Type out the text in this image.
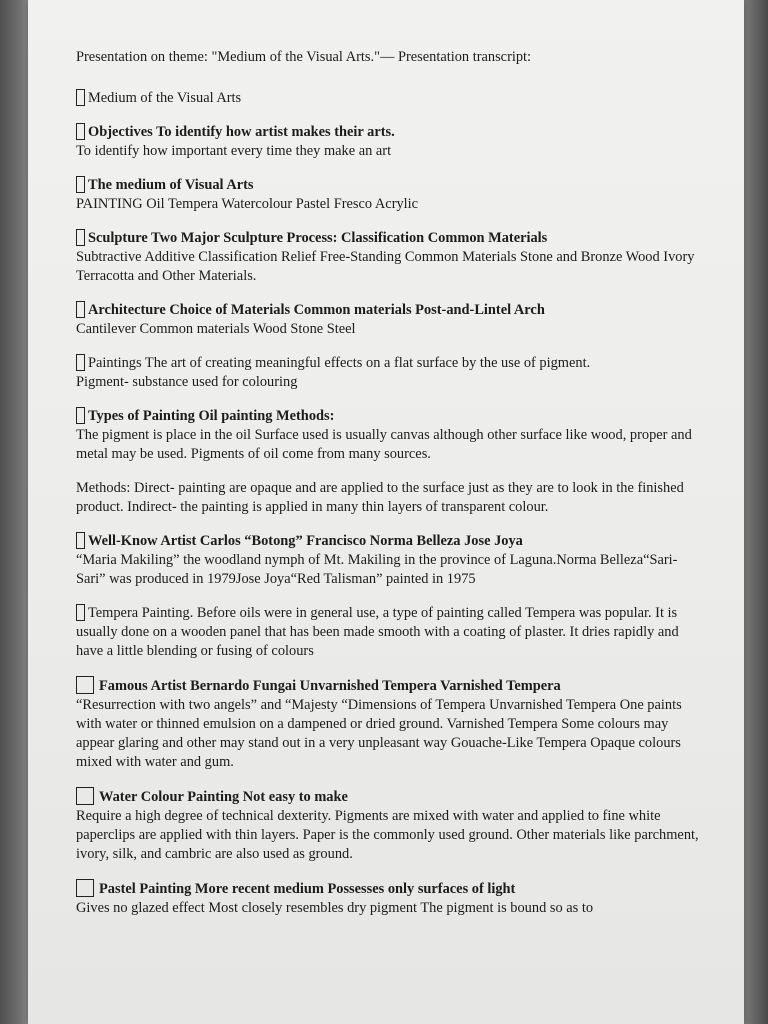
Presentation on theme: "Medium of the Visual Arts."— Presentation transcript:

Medium of the Visual Arts
Objectives To identify how artist makes their arts.
To identify how important every time they make an art
The medium of Visual Arts
PAINTING Oil Tempera Watercolour Pastel Fresco Acrylic
Sculpture Two Major Sculpture Process: Classification Common Materials
Subtractive Additive Classification Relief Free-Standing Common Materials Stone and Bronze Wood Ivory Terracotta and Other Materials.
Architecture Choice of Materials Common materials Post-and-Lintel Arch
Cantilever Common materials Wood Stone Steel
Paintings The art of creating meaningful effects on a flat surface by the use of pigment.
Pigment- substance used for colouring
Types of Painting Oil painting Methods:
The pigment is place in the oil Surface used is usually canvas although other surface like wood, proper and metal may be used. Pigments of oil come from many sources.
Methods: Direct- painting are opaque and are applied to the surface just as they are to look in the finished product. Indirect- the painting is applied in many thin layers of transparent colour.
Well-Know Artist Carlos “Botong” Francisco Norma Belleza Jose Joya
“Maria Makiling” the woodland nymph of Mt. Makiling in the province of Laguna.Norma Belleza“Sari-Sari” was produced in 1979Jose Joya“Red Talisman” painted in 1975
Tempera Painting. Before oils were in general use, a type of painting called Tempera was popular. It is usually done on a wooden panel that has been made smooth with a coating of plaster. It dries rapidly and have a little blending or fusing of colours
Famous Artist Bernardo Fungai Unvarnished Tempera Varnished Tempera
“Resurrection with two angels” and “Majesty “Dimensions of Tempera Unvarnished Tempera One paints with water or thinned emulsion on a dampened or dried ground. Varnished Tempera Some colours may appear glaring and other may stand out in a very unpleasant way Gouache-Like Tempera Opaque colours mixed with water and gum.
Water Colour Painting Not easy to make
Require a high degree of technical dexterity. Pigments are mixed with water and applied to fine white paperclips are applied with thin layers. Paper is the commonly used ground. Other materials like parchment, ivory, silk, and cambric are also used as ground.
Pastel Painting More recent medium Possesses only surfaces of light
Gives no glazed effect Most closely resembles dry pigment The pigment is bound so as to
